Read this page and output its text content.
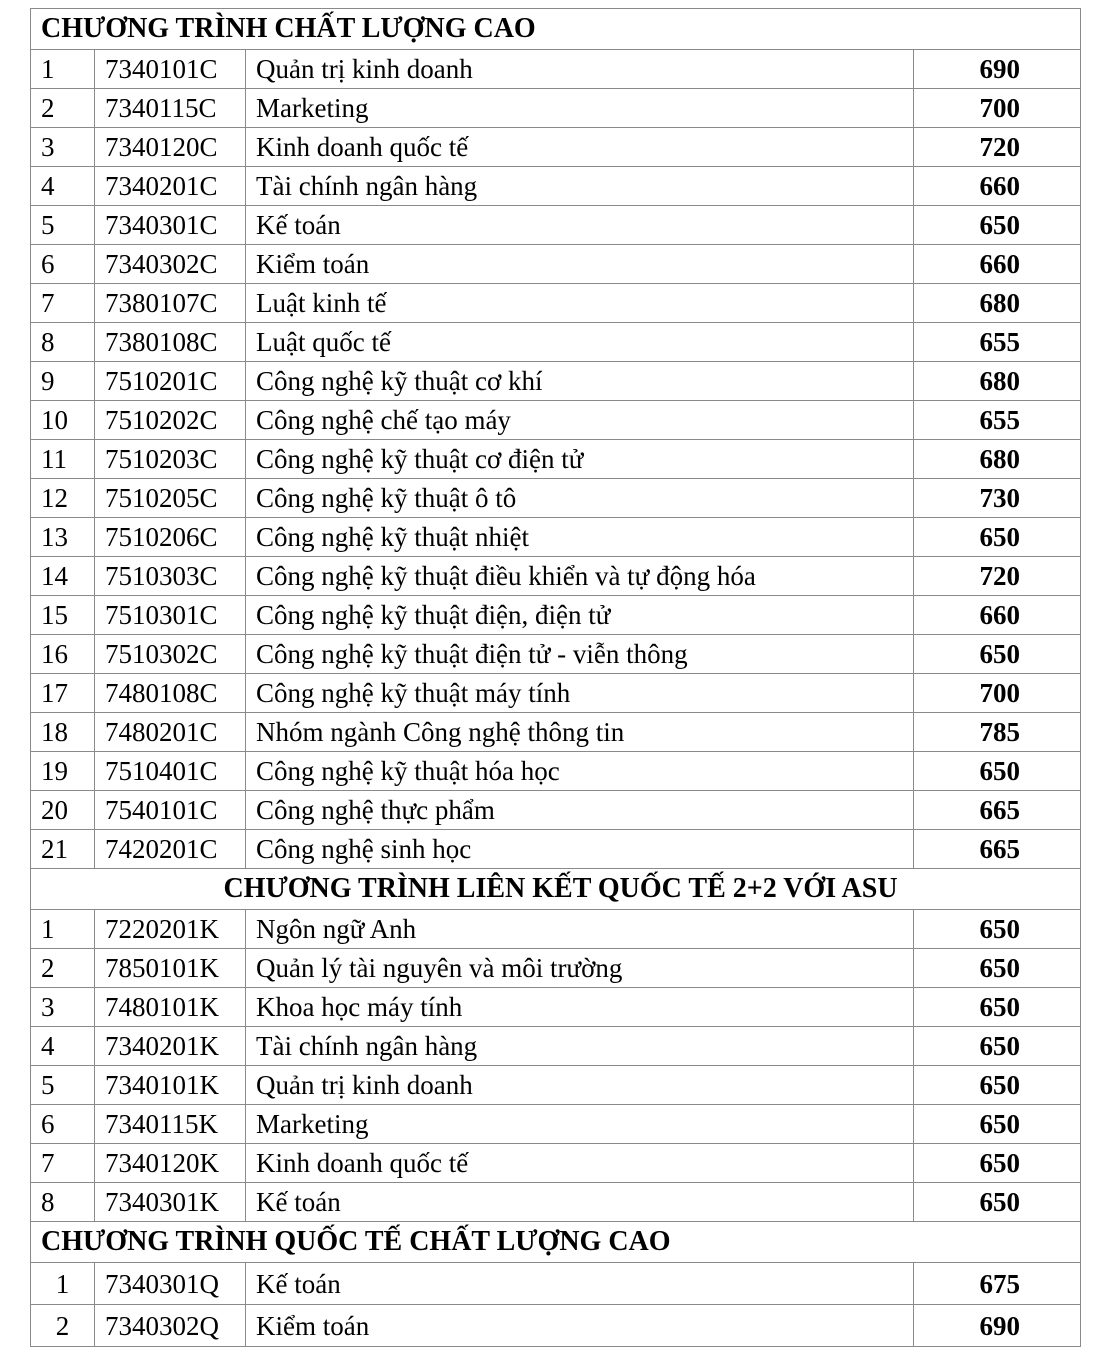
CHƯƠNG TRÌNH CHẤT LƯỢNG CAO			
1	7340101C	Quản trị kinh doanh	690
2	7340115C	Marketing	700
3	7340120C	Kinh doanh quốc tế	720
4	7340201C	Tài chính ngân hàng	660
5	7340301C	Kế toán	650
6	7340302C	Kiểm toán	660
7	7380107C	Luật kinh tế	680
8	7380108C	Luật quốc tế	655
9	7510201C	Công nghệ kỹ thuật cơ khí	680
10	7510202C	Công nghệ chế tạo máy	655
11	7510203C	Công nghệ kỹ thuật cơ điện tử	680
12	7510205C	Công nghệ kỹ thuật ô tô	730
13	7510206C	Công nghệ kỹ thuật nhiệt	650
14	7510303C	Công nghệ kỹ thuật điều khiển và tự động hóa	720
15	7510301C	Công nghệ kỹ thuật điện, điện tử	660
16	7510302C	Công nghệ kỹ thuật điện tử - viễn thông	650
17	7480108C	Công nghệ kỹ thuật máy tính	700
18	7480201C	Nhóm ngành Công nghệ thông tin	785
19	7510401C	Công nghệ kỹ thuật hóa học	650
20	7540101C	Công nghệ thực phẩm	665
21	7420201C	Công nghệ sinh học	665
CHƯƠNG TRÌNH LIÊN KẾT QUỐC TẾ 2+2 VỚI ASU			
1	7220201K	Ngôn ngữ Anh	650
2	7850101K	Quản lý tài nguyên và môi trường	650
3	7480101K	Khoa học máy tính	650
4	7340201K	Tài chính ngân hàng	650
5	7340101K	Quản trị kinh doanh	650
6	7340115K	Marketing	650
7	7340120K	Kinh doanh quốc tế	650
8	7340301K	Kế toán	650
CHƯƠNG TRÌNH QUỐC TẾ CHẤT LƯỢNG CAO			
1	7340301Q	Kế toán	675
2	7340302Q	Kiểm toán	690
